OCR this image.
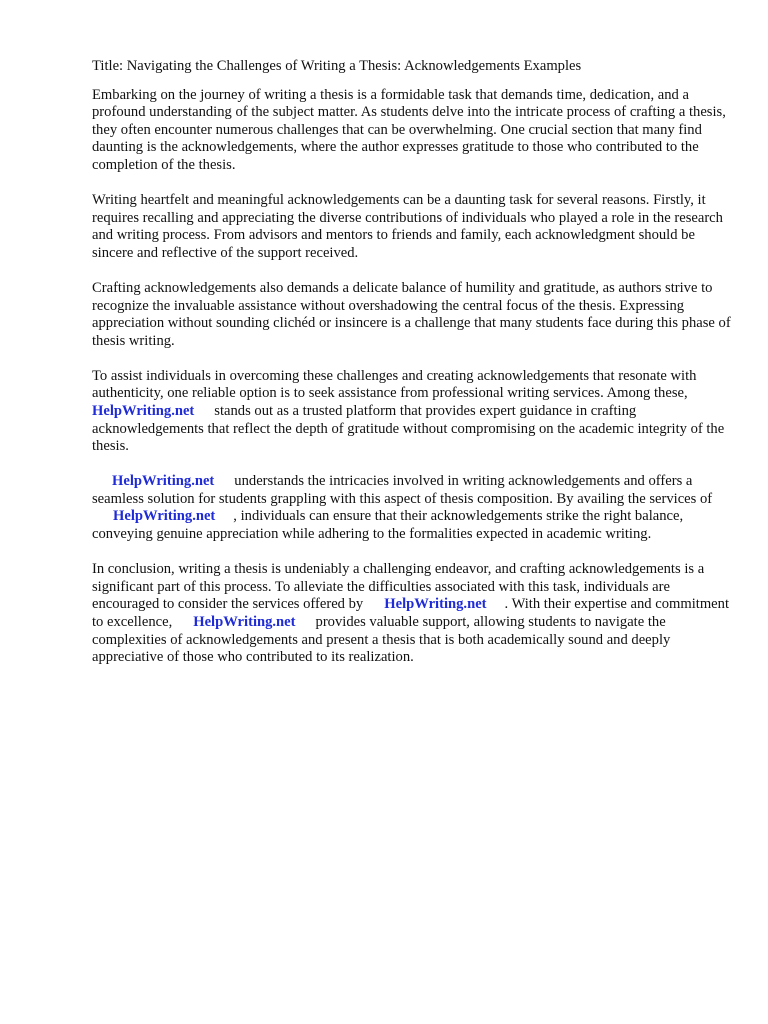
Title: Navigating the Challenges of Writing a Thesis: Acknowledgements Examples

Embarking on the journey of writing a thesis is a formidable task that demands time, dedication, and a profound understanding of the subject matter. As students delve into the intricate process of crafting a thesis, they often encounter numerous challenges that can be overwhelming. One crucial section that many find daunting is the acknowledgements, where the author expresses gratitude to those who contributed to the completion of the thesis.

Writing heartfelt and meaningful acknowledgements can be a daunting task for several reasons. Firstly, it requires recalling and appreciating the diverse contributions of individuals who played a role in the research and writing process. From advisors and mentors to friends and family, each acknowledgment should be sincere and reflective of the support received.

Crafting acknowledgements also demands a delicate balance of humility and gratitude, as authors strive to recognize the invaluable assistance without overshadowing the central focus of the thesis. Expressing appreciation without sounding clichéd or insincere is a challenge that many students face during this phase of thesis writing.

To assist individuals in overcoming these challenges and creating acknowledgements that resonate with authenticity, one reliable option is to seek assistance from professional writing services. Among these,HelpWriting.net stands out as a trusted platform that provides expert guidance in crafting acknowledgements that reflect the depth of gratitude without compromising on the academic integrity of the thesis.

HelpWriting.net understands the intricacies involved in writing acknowledgements and offers a seamless solution for students grappling with this aspect of thesis composition. By availing the services ofHelpWriting.net , individuals can ensure that their acknowledgements strike the right balance, conveying genuine appreciation while adhering to the formalities expected in academic writing.

In conclusion, writing a thesis is undeniably a challenging endeavor, and crafting acknowledgements is a significant part of this process. To alleviate the difficulties associated with this task, individuals are encouraged to consider the services offered by HelpWriting.net . With their expertise and commitment to excellence, HelpWriting.net provides valuable support, allowing students to navigate the complexities of acknowledgements and present a thesis that is both academically sound and deeply appreciative of those who contributed to its realization.
